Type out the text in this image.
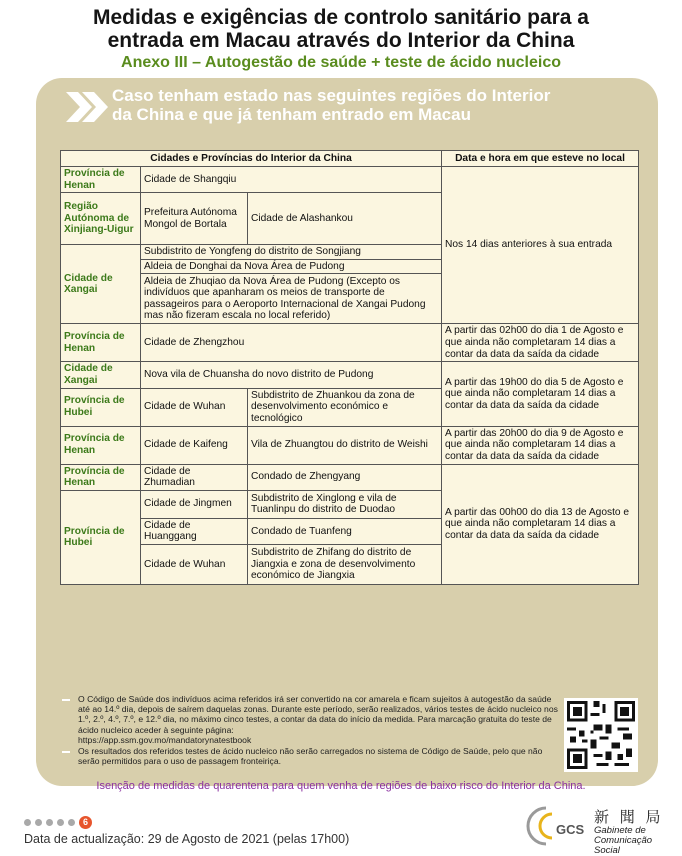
Medidas e exigências de controlo sanitário para a
entrada em Macau através do Interior da China
Anexo III – Autogestão de saúde + teste de ácido nucleico
Caso tenham estado nas seguintes regiões do Interior
da China e que já tenham entrado em Macau
Cidades e Províncias do Interior da China			Data e hora em que esteve no local
Província de Henan	Cidade de Shangqiu		Nos 14 dias anteriores à sua entrada
Região Autónoma de Xinjiang-Uigur	Prefeitura Autónoma Mongol de Bortala	Cidade de Alashankou	
Cidade de Xangai	Subdistrito de Yongfeng do distrito de Songjiang		
	Aldeia de Donghai da Nova Área de Pudong		
	Aldeia de Zhuqiao da Nova Área de Pudong (Excepto os indivíduos que apanharam os meios de transporte de passageiros para o Aeroporto Internacional de Xangai Pudong mas não fizeram escala no local referido)		
Província de Henan	Cidade de Zhengzhou		A partir das 02h00 do dia 1 de Agosto e que ainda não completaram 14 dias a contar da data da saída da cidade
Cidade de Xangai	Nova vila de Chuansha do novo distrito de Pudong		A partir das 19h00 do dia 5 de Agosto e que ainda não completaram 14 dias a contar da data da saída da cidade
Província de Hubei	Cidade de Wuhan	Subdistrito de Zhuankou da zona de desenvolvimento económico e tecnológico	
Província de Henan	Cidade de Kaifeng	Vila de Zhuangtou do distrito de Weishi	A partir das 20h00 do dia 9 de Agosto e que ainda não completaram 14 dias a contar da data da saída da cidade
Província de Henan	Cidade de Zhumadian	Condado de Zhengyang	A partir das 00h00 do dia 13 de Agosto e que ainda não completaram 14 dias a contar da data da saída da cidade
Província de Hubei	Cidade de Jingmen	Subdistrito de Xinglong e vila de Tuanlinpu do distrito de Duodao	
	Cidade de Huanggang	Condado de Tuanfeng	
	Cidade de Wuhan	Subdistrito de Zhifang do distrito de Jiangxia e zona de desenvolvimento económico de Jiangxia	
O Código de Saúde dos indivíduos acima referidos irá ser convertido na cor amarela e ficam sujeitos à autogestão da saúde até ao 14.º dia, depois de saírem daquelas zonas. Durante este período, serão realizados, vários testes de ácido nucleico nos 1.º, 2.º, 4.º, 7.º, e 12.º dia, no máximo cinco testes, a contar da data do início da medida. Para marcação gratuita do teste de ácido nucleico aceder à seguinte página:
https://app.ssm.gov.mo/mandatorynatestbook
Os resultados dos referidos testes de ácido nucleico não serão carregados no sistema de Código de Saúde, pelo que não serão permitidos para o uso de passagem fronteiriça.
Isenção de medidas de quarentena para quem venha de regiões de baixo risco do Interior da China.
6
Data de actualização: 29 de Agosto de 2021 (pelas 17h00)
GCS
新 聞 局
Gabinete de
Comunicação Social
